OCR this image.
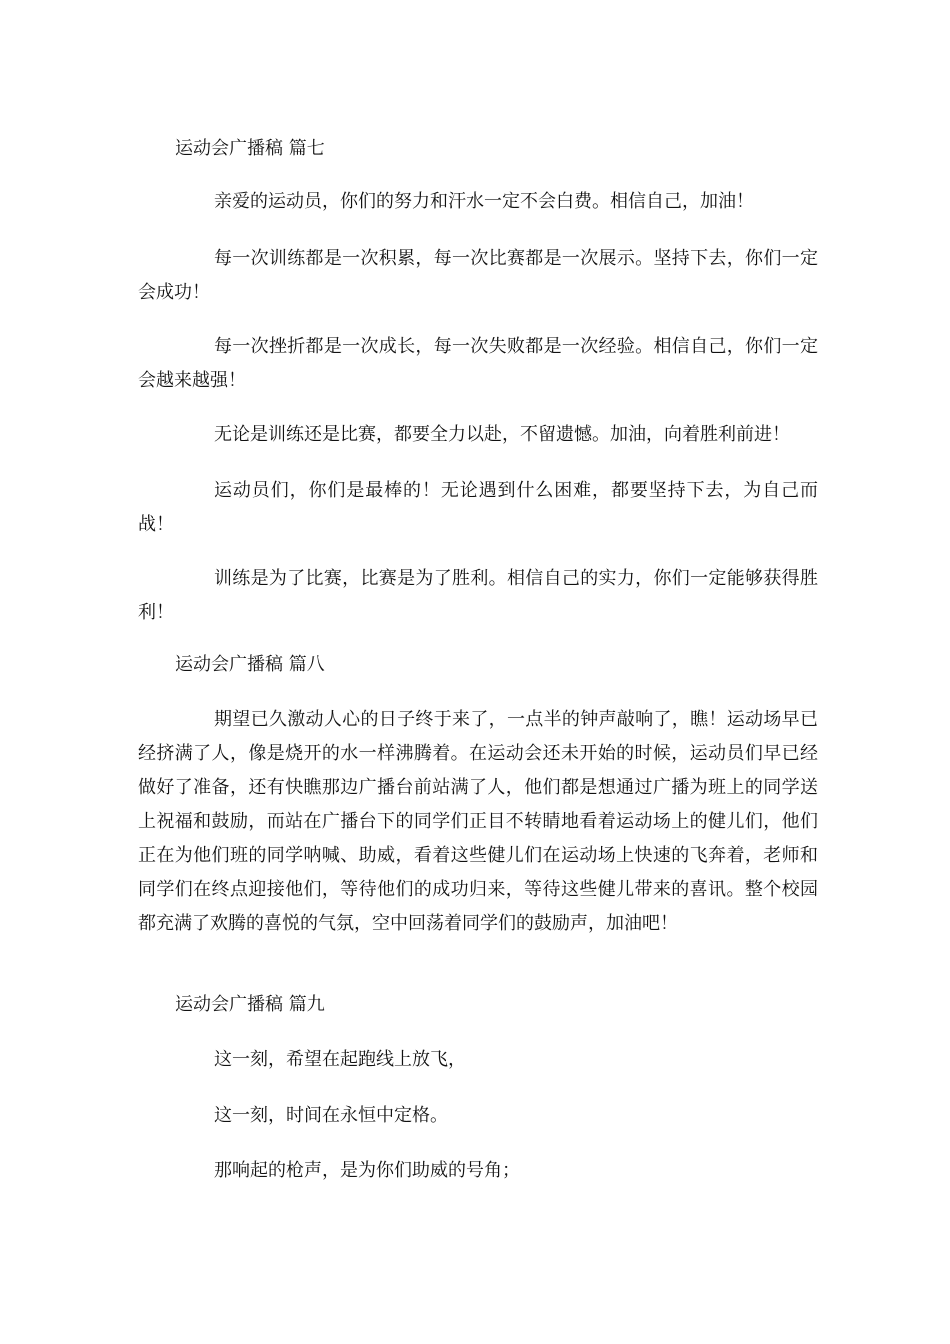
运动会广播稿 篇七

亲爱的运动员，你们的努力和汗水一定不会白费。相信自己，加油！

每一次训练都是一次积累，每一次比赛都是一次展示。坚持下去，你们一定会成功！

每一次挫折都是一次成长，每一次失败都是一次经验。相信自己，你们一定会越来越强！

无论是训练还是比赛，都要全力以赴，不留遗憾。加油，向着胜利前进！

运动员们，你们是最棒的！无论遇到什么困难，都要坚持下去，为自己而战！

训练是为了比赛，比赛是为了胜利。相信自己的实力，你们一定能够获得胜利！

运动会广播稿 篇八

期望已久激动人心的日子终于来了，一点半的钟声敲响了，瞧！运动场早已经挤满了人，像是烧开的水一样沸腾着。在运动会还未开始的时候，运动员们早已经做好了准备，还有快瞧那边广播台前站满了人，他们都是想通过广播为班上的同学送上祝福和鼓励，而站在广播台下的同学们正目不转睛地看着运动场上的健儿们，他们正在为他们班的同学呐喊、助威，看着这些健儿们在运动场上快速的飞奔着，老师和同学们在终点迎接他们，等待他们的成功归来，等待这些健儿带来的喜讯。整个校园都充满了欢腾的喜悦的气氛，空中回荡着同学们的鼓励声，加油吧！

运动会广播稿 篇九

这一刻，希望在起跑线上放飞，

这一刻，时间在永恒中定格。

那响起的枪声，是为你们助威的号角；
